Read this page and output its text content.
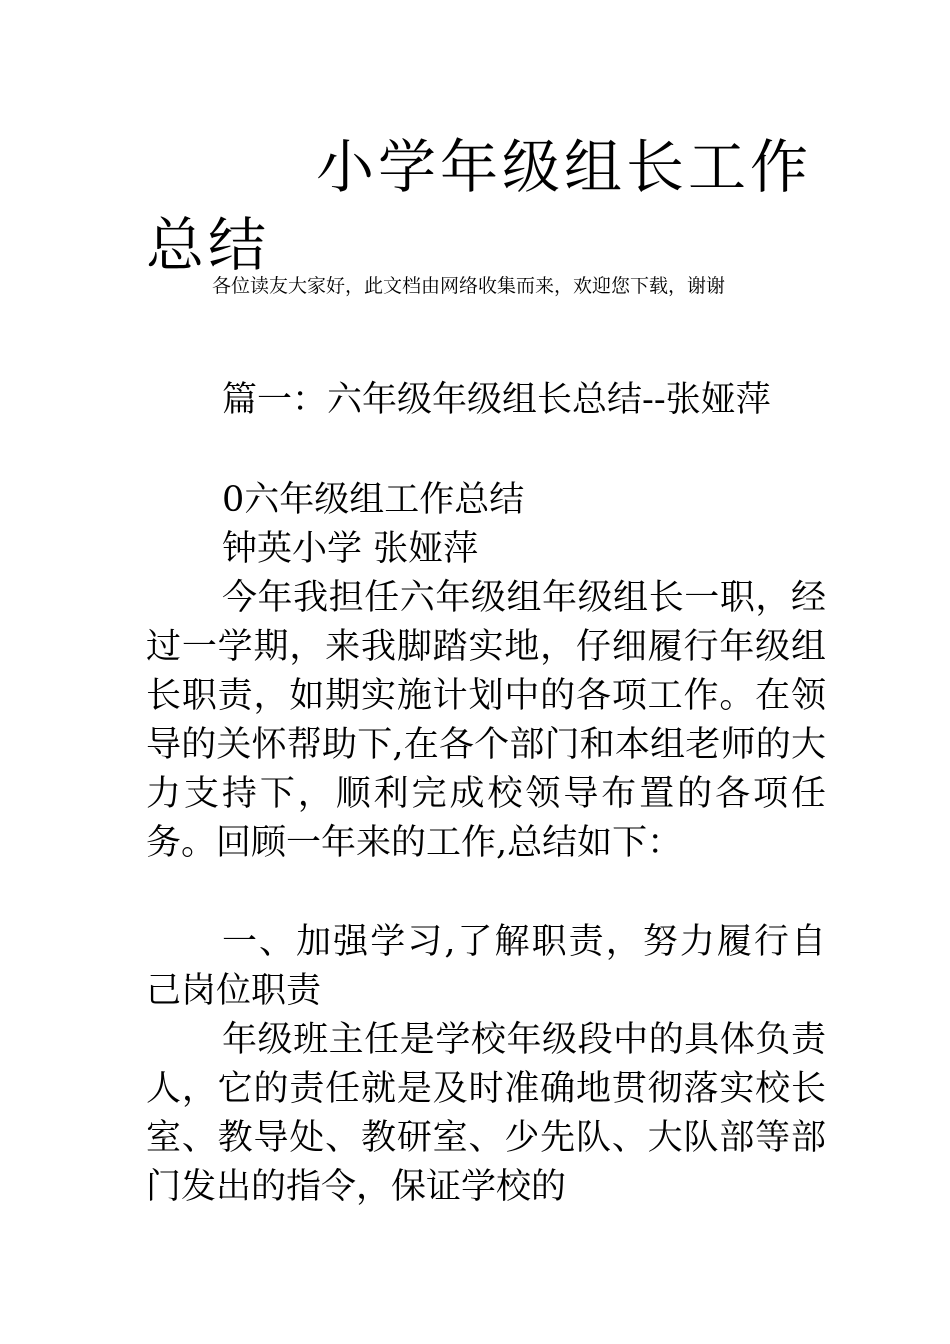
小学年级组长工作总结

各位读友大家好，此文档由网络收集而来，欢迎您下载，谢谢

篇一：六年级年级组长总结--张娅萍

0六年级组工作总结

钟英小学 张娅萍

今年我担任六年级组年级组长一职，经过一学期，来我脚踏实地，仔细履行年级组长职责，如期实施计划中的各项工作。在领导的关怀帮助下,在各个部门和本组老师的大力支持下，顺利完成校领导布置的各项任务。回顾一年来的工作,总结如下：

一、加强学习,了解职责，努力履行自己岗位职责

年级班主任是学校年级段中的具体负责人，它的责任就是及时准确地贯彻落实校长室、教导处、教研室、少先队、大队部等部门发出的指令，保证学校的
